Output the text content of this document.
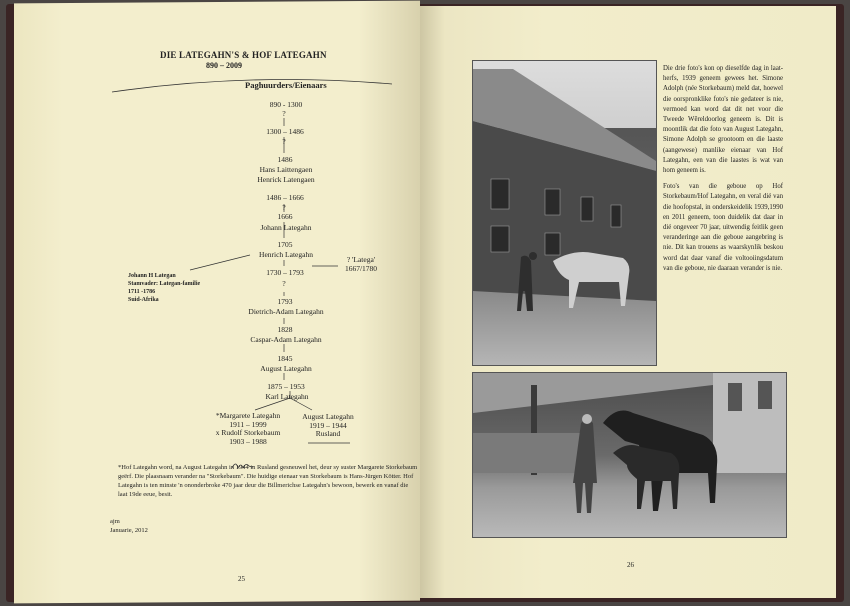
DIE LATEGAHN'S & HOF LATEGAHN
890 – 2009
Paghuurders/Eienaars
890 - 1300
?
1300 – 1486
?
1486
Hans Laittengaen
Henrick Latengaen
1486 – 1666
?
1666
Johann Lategahn
1705
Henrich Lategahn
1730 – 1793
?
1793
Dietrich-Adam Lategahn
1828
Caspar-Adam Lategahn
1845
August Lategahn
1875 – 1953
Karl Lategahn
Johann H Lategan
Stamvader: Lategan-familie
1711 -1786
Suid-Afrika
? 'Latega'
1667/1780
*Margarete Lategahn
1911 – 1999
x Rudolf Storkebaum
1903 – 1988
August Lategahn
1919 – 1944
Rusland
*Hof Lategahn word, na August Lategahn in 1944 in Rusland gesneuwel het, deur sy suster Margarete Storkebaum geërf. Die plaasnaam verander na "Storkebaum". Die huidige eienaar van Storkebaum is Hans-Jürgen Kötter. Hof Lategahn is ten minste 'n ononderbroke 470 jaar deur die Billmerichse Lategahn's bewoon, bewerk en vanaf die laat 19de eeue, besit.
ajm
Januarie, 2012
25

Die drie foto's kon op dieselfde dag in laat-herfs, 1939 geneem gewees het. Simone Adolph (née Storkebaum) meld dat, hoewel die oorspronklike foto's nie gedateer is nie, vermoed kan word dat dit net voor die Tweede Wêreldoorlog geneem is. Dit is moontlik dat die foto van August Lategahn, Simone Adolph se grootoom en die laaste (aangewese) manlike eienaar van Hof Lategahn, een van die laastes is wat van hom geneem is.

Foto's van die geboue op Hof Storkebaum/Hof Lategahn, en veral dié van die hoofopstal, in onderskeidelik 1939,1990 en 2011 geneem, toon duidelik dat daar in dié ongeveer 70 jaar, uitwendig feitlik geen veranderinge aan die geboue aangebring is nie. Dit kan trouens as waarskynlik beskou word dat daar vanaf die voltooiingsdatum van die geboue, nie daaraan verander is nie.

26
